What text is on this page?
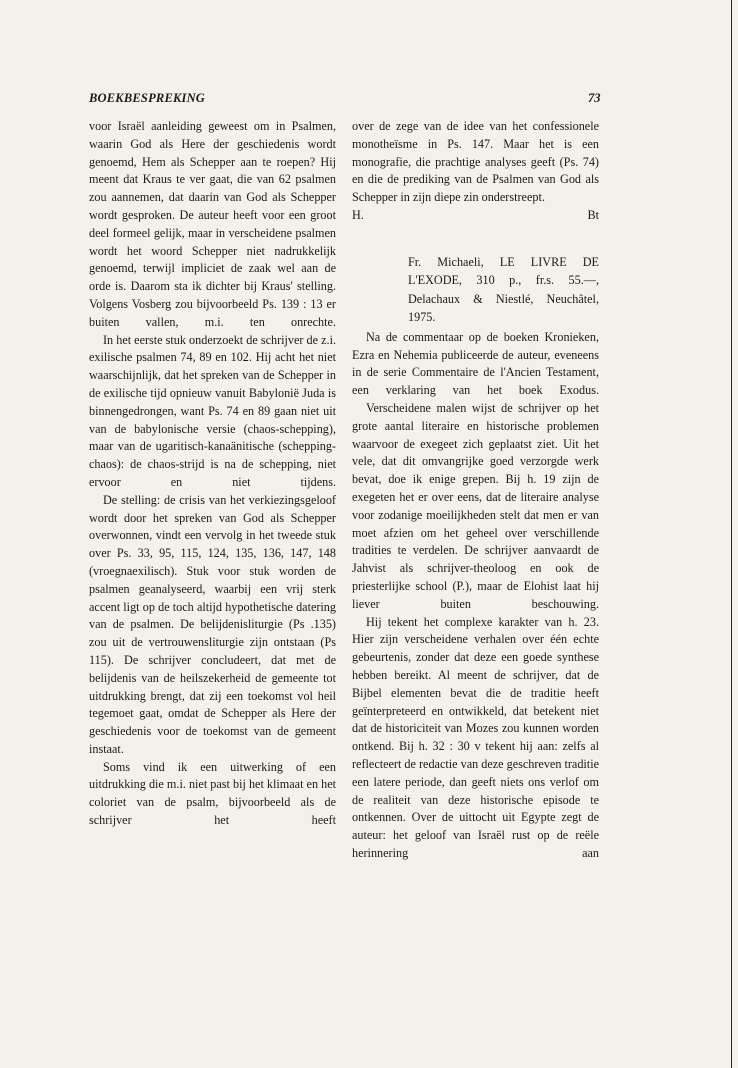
BOEKBESPREKING	73

voor Israël aanleiding geweest om in Psalmen, waarin God als Here der geschiedenis wordt genoemd, Hem als Schepper aan te roepen? Hij meent dat Kraus te ver gaat, die van 62 psalmen zou aannemen, dat daarin van God als Schepper wordt gesproken. De auteur heeft voor een groot deel formeel gelijk, maar in verscheidene psalmen wordt het woord Schepper niet nadrukkelijk genoemd, terwijl impliciet de zaak wel aan de orde is. Daarom sta ik dichter bij Kraus' stelling. Volgens Vosberg zou bijvoorbeeld Ps. 139 : 13 er buiten vallen, m.i. ten onrechte.

In het eerste stuk onderzoekt de schrijver de z.i. exilische psalmen 74, 89 en 102. Hij acht het niet waarschijnlijk, dat het spreken van de Schepper in de exilische tijd opnieuw vanuit Babylonië Juda is binnengedrongen, want Ps. 74 en 89 gaan niet uit van de babylonische versie (chaos-schepping), maar van de ugaritisch-kanaänitische (schepping-chaos): de chaos-strijd is na de schepping, niet ervoor en niet tijdens.

De stelling: de crisis van het verkiezingsgeloof wordt door het spreken van God als Schepper overwonnen, vindt een vervolg in het tweede stuk over Ps. 33, 95, 115, 124, 135, 136, 147, 148 (vroegnaexilisch). Stuk voor stuk worden de psalmen geanalyseerd, waarbij een vrij sterk accent ligt op de toch altijd hypothetische datering van de psalmen. De belijdenisliturgie (Ps .135) zou uit de vertrouwensliturgie zijn ontstaan (Ps 115). De schrijver concludeert, dat met de belijdenis van de heilszekerheid de gemeente tot uitdrukking brengt, dat zij een toekomst vol heil tegemoet gaat, omdat de Schepper als Here der geschiedenis voor de toekomst van de gemeent instaat.

Soms vind ik een uitwerking of een uitdrukking die m.i. niet past bij het klimaat en het coloriet van de psalm, bijvoorbeeld als de schrijver het heeft

over de zege van de idee van het confessionele monotheïsme in Ps. 147. Maar het is een monografie, die prachtige analyses geeft (Ps. 74) en die de prediking van de Psalmen van God als Schepper in zijn diepe zin onderstreept.

H.	Bt
Fr. Michaeli, LE LIVRE DE
L'EXODE, 310 p., fr.s. 55.—,
Delachaux & Niestlé, Neuchâtel,
1975.

Na de commentaar op de boeken Kronieken, Ezra en Nehemia publiceerde de auteur, eveneens in de serie Commentaire de l'Ancien Testament, een verklaring van het boek Exodus.

Verscheidene malen wijst de schrijver op het grote aantal literaire en historische problemen waarvoor de exegeet zich geplaatst ziet. Uit het vele, dat dit omvangrijke goed verzorgde werk bevat, doe ik enige grepen. Bij h. 19 zijn de exegeten het er over eens, dat de literaire analyse voor zodanige moeilijkheden stelt dat men er van moet afzien om het geheel over verschillende tradities te verdelen. De schrijver aanvaardt de Jahvist als schrijver-theoloog en ook de priesterlijke school (P.), maar de Elohist laat hij liever buiten beschouwing.

Hij tekent het complexe karakter van h. 23. Hier zijn verscheidene verhalen over één echte gebeurtenis, zonder dat deze een goede synthese hebben bereikt. Al meent de schrijver, dat de Bijbel elementen bevat die de traditie heeft geïnterpreteerd en ontwikkeld, dat betekent niet dat de historiciteit van Mozes zou kunnen worden ontkend. Bij h. 32 : 30 v tekent hij aan: zelfs al reflecteert de redactie van deze geschreven traditie een latere periode, dan geeft niets ons verlof om de realiteit van deze historische episode te ontkennen. Over de uittocht uit Egypte zegt de auteur: het geloof van Israël rust op de reële herinnering aan
